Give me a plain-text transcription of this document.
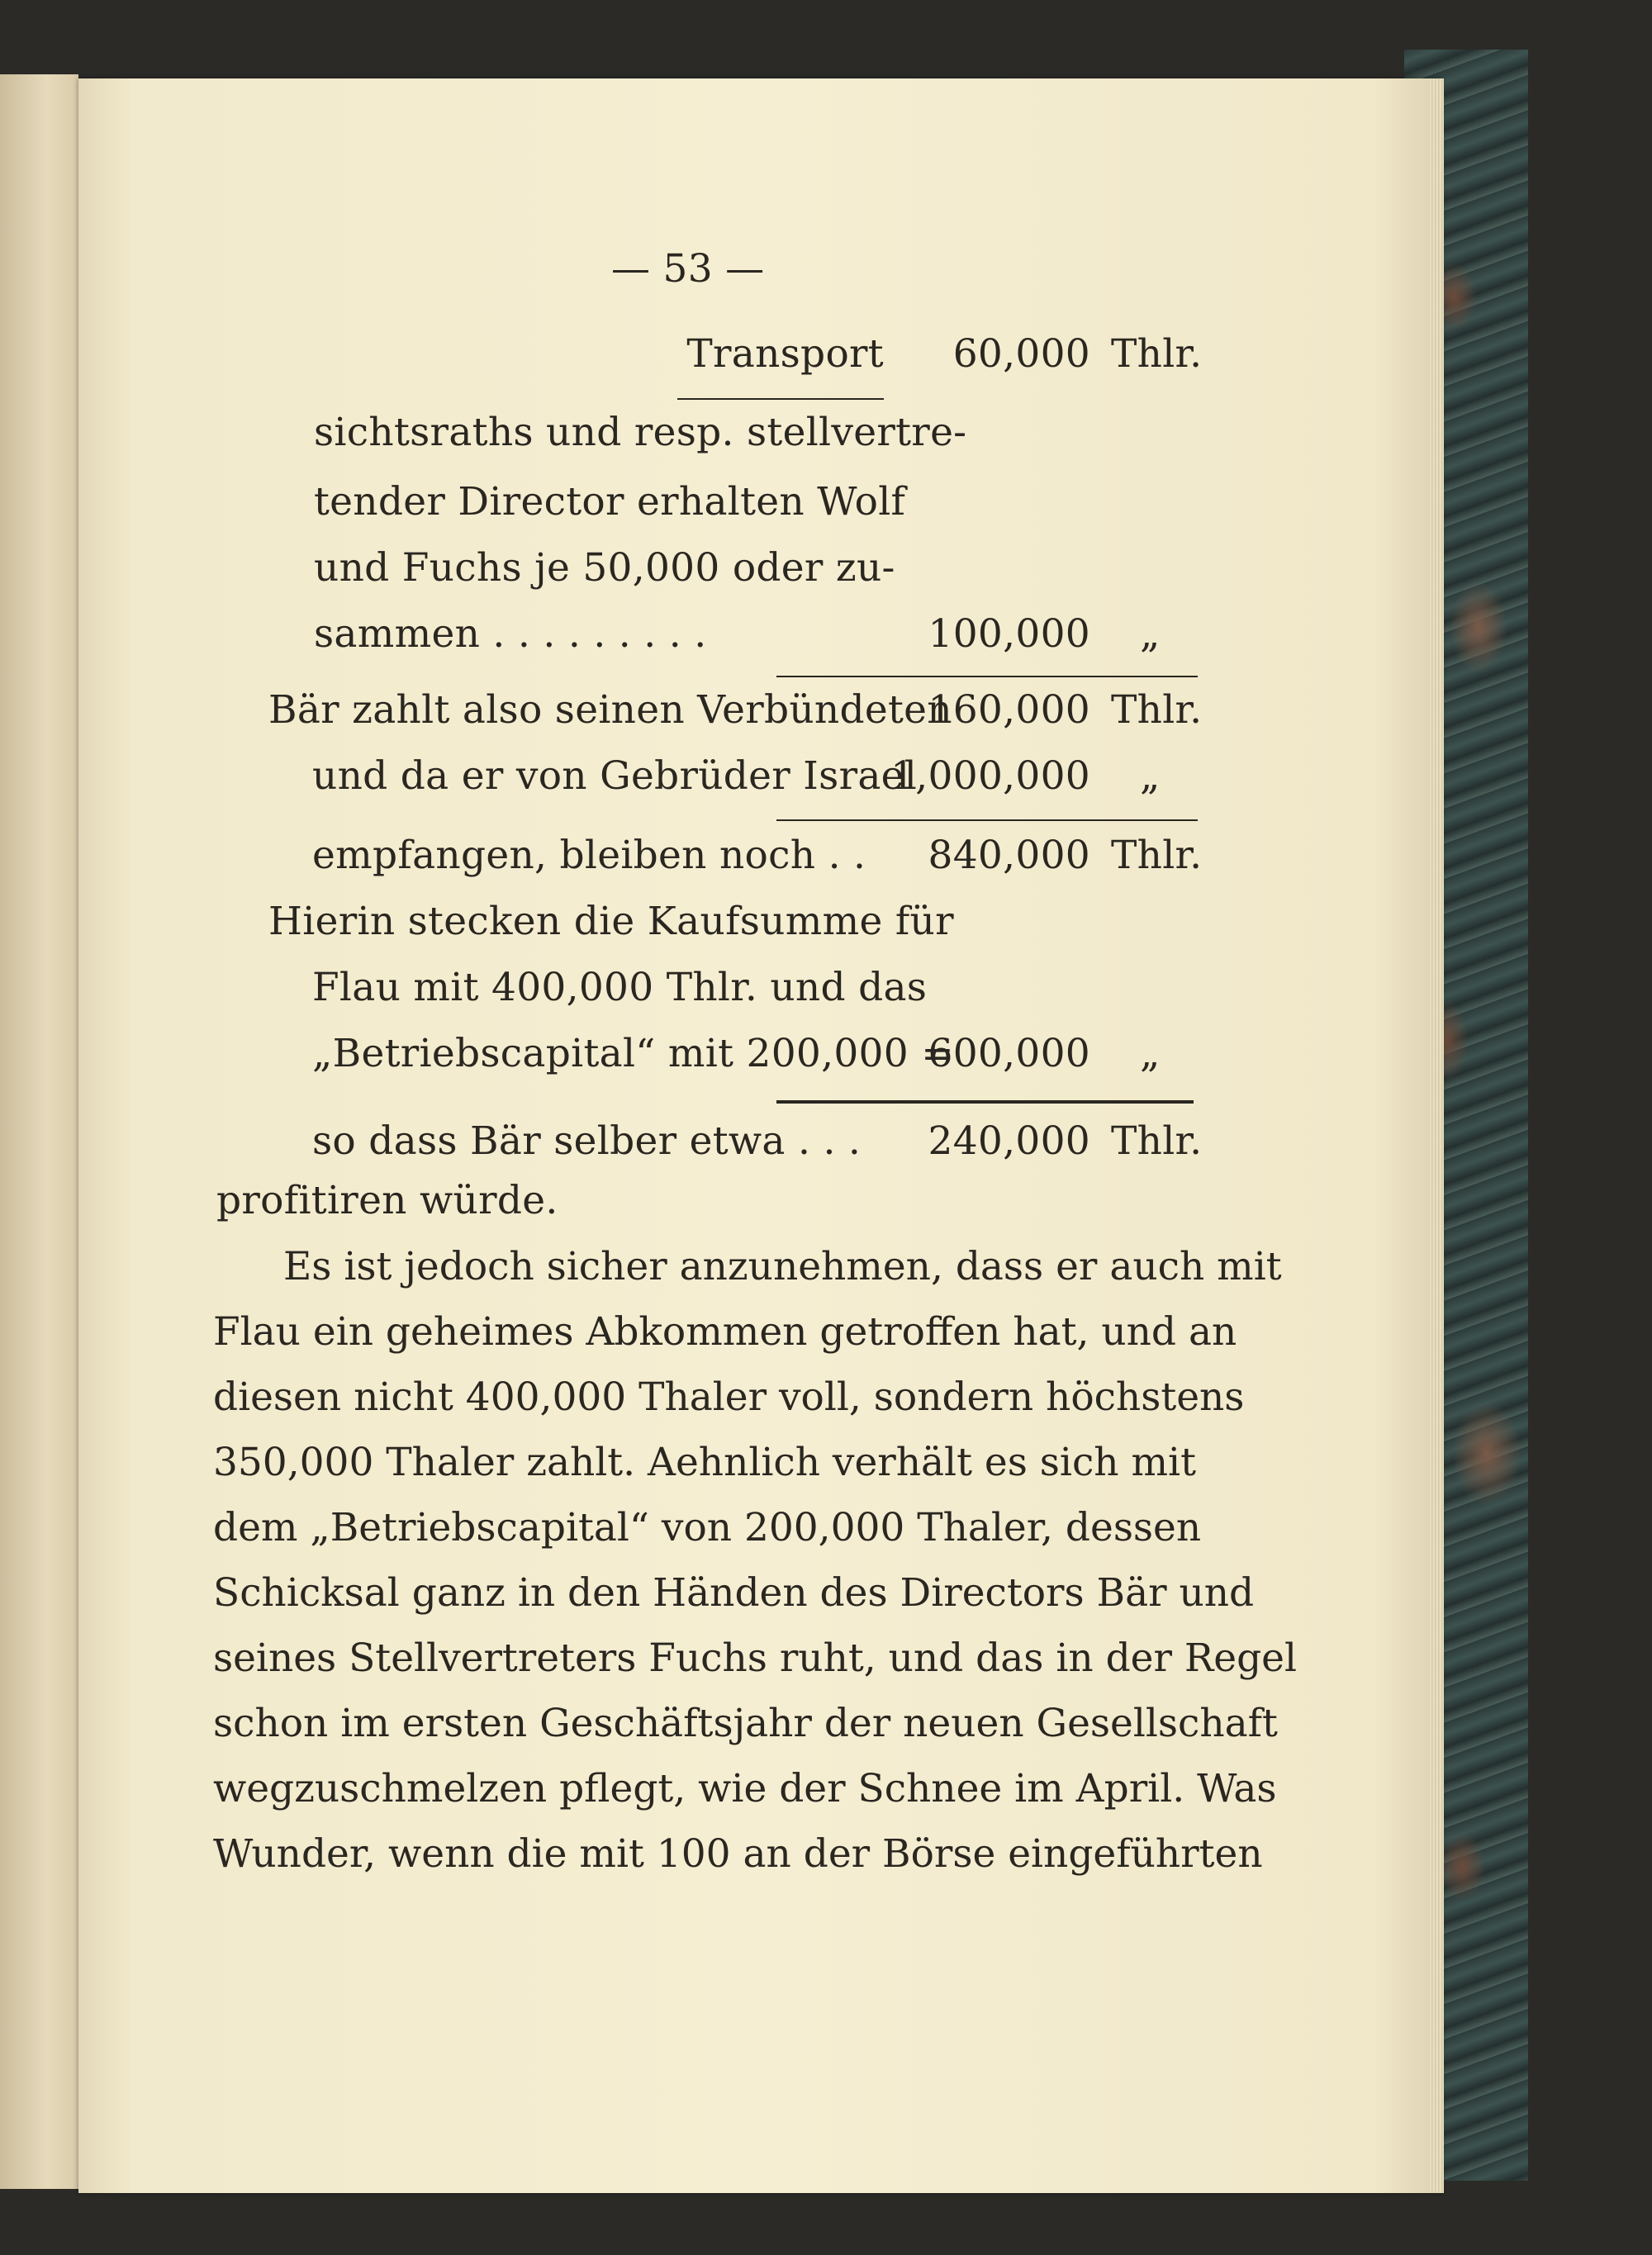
— 53 —
Transport 60,000 Thlr.
sichtsraths und resp. stellvertre-
tender Director erhalten Wolf
und Fuchs je 50,000 oder zu-
sammen . . . . . . . . .	100,000 „
Bär zahlt also seinen Verbündeten
160,000 Thlr.
und da er von Gebrüder Israel
1,000,000 „
empfangen, bleiben noch . . 840,000 Thlr.
Hierin stecken die Kaufsumme für
Flau mit 400,000 Thlr. und das
„Betriebscapital“ mit 200,000 =
600,000 „
so dass Bär selber etwa . . . 240,000 Thlr.
profitiren würde.
Es ist jedoch sicher anzunehmen, dass er auch mit
Flau ein geheimes Abkommen getroffen hat, und an
diesen nicht 400,000 Thaler voll, sondern höchstens
350,000 Thaler zahlt. Aehnlich verhält es sich mit
dem „Betriebscapital“ von 200,000 Thaler, dessen
Schicksal ganz in den Händen des Directors Bär und
seines Stellvertreters Fuchs ruht, und das in der Regel
schon im ersten Geschäftsjahr der neuen Gesellschaft
wegzuschmelzen pflegt, wie der Schnee im April. Was
Wunder, wenn die mit 100 an der Börse eingeführten
